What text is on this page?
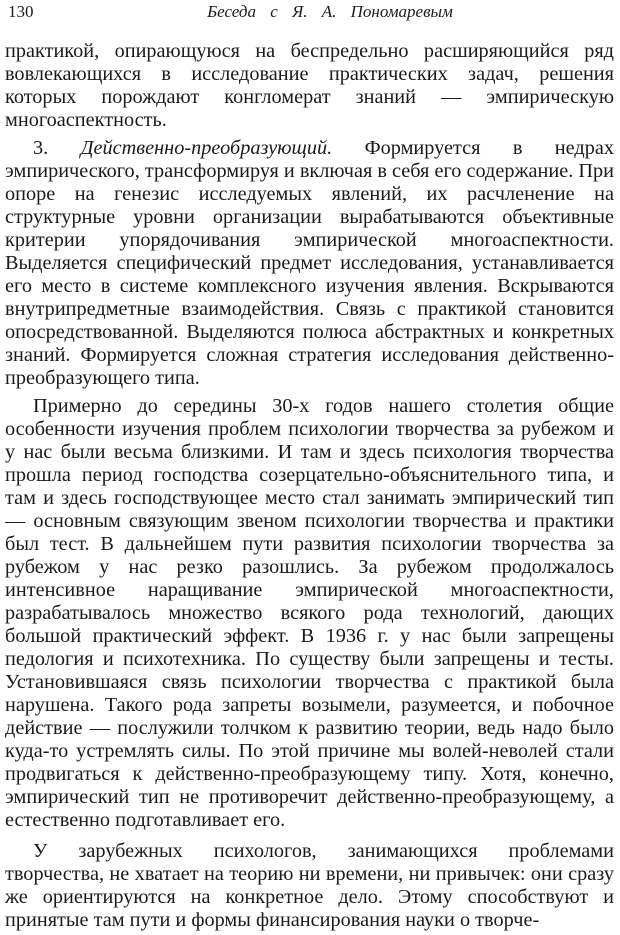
130	Беседа с Я. А. Пономаревым

практикой, опирающуюся на беспредельно расширяющийся ряд вовлекающихся в исследование практических задач, решения которых порождают конгломерат знаний — эмпирическую многоаспектность.

3. Действенно-преобразующий. Формируется в недрах эмпирического, трансформируя и включая в себя его содержание. При опоре на генезис исследуемых явлений, их расчленение на структурные уровни организации вырабатываются объективные критерии упорядочивания эмпирической многоаспектности. Выделяется специфический предмет исследования, устанавливается его место в системе комплексного изучения явления. Вскрываются внутрипредметные взаимодействия. Связь с практикой становится опосредствованной. Выделяются полюса абстрактных и конкретных знаний. Формируется сложная стратегия исследования действенно-преобразующего типа.

Примерно до середины 30-х годов нашего столетия общие особенности изучения проблем психологии творчества за рубежом и у нас были весьма близкими. И там и здесь психология творчества прошла период господства созерцательно-объяснительного типа, и там и здесь господствующее место стал занимать эмпирический тип — основным связующим звеном психологии творчества и практики был тест. В дальнейшем пути развития психологии творчества за рубежом у нас резко разошлись. За рубежом продолжалось интенсивное наращивание эмпирической многоаспектности, разрабатывалось множество всякого рода технологий, дающих большой практический эффект. В 1936 г. у нас были запрещены педология и психотехника. По существу были запрещены и тесты. Установившаяся связь психологии творчества с практикой была нарушена. Такого рода запреты возымели, разумеется, и побочное действие — послужили толчком к развитию теории, ведь надо было куда-то устремлять силы. По этой причине мы волей-неволей стали продвигаться к действенно-преобразующему типу. Хотя, конечно, эмпирический тип не противоречит действенно-преобразующему, а естественно подготавливает его.

У зарубежных психологов, занимающихся проблемами творчества, не хватает на теорию ни времени, ни привычек: они сразу же ориентируются на конкретное дело. Этому способствуют и принятые там пути и формы финансирования науки о творче-
